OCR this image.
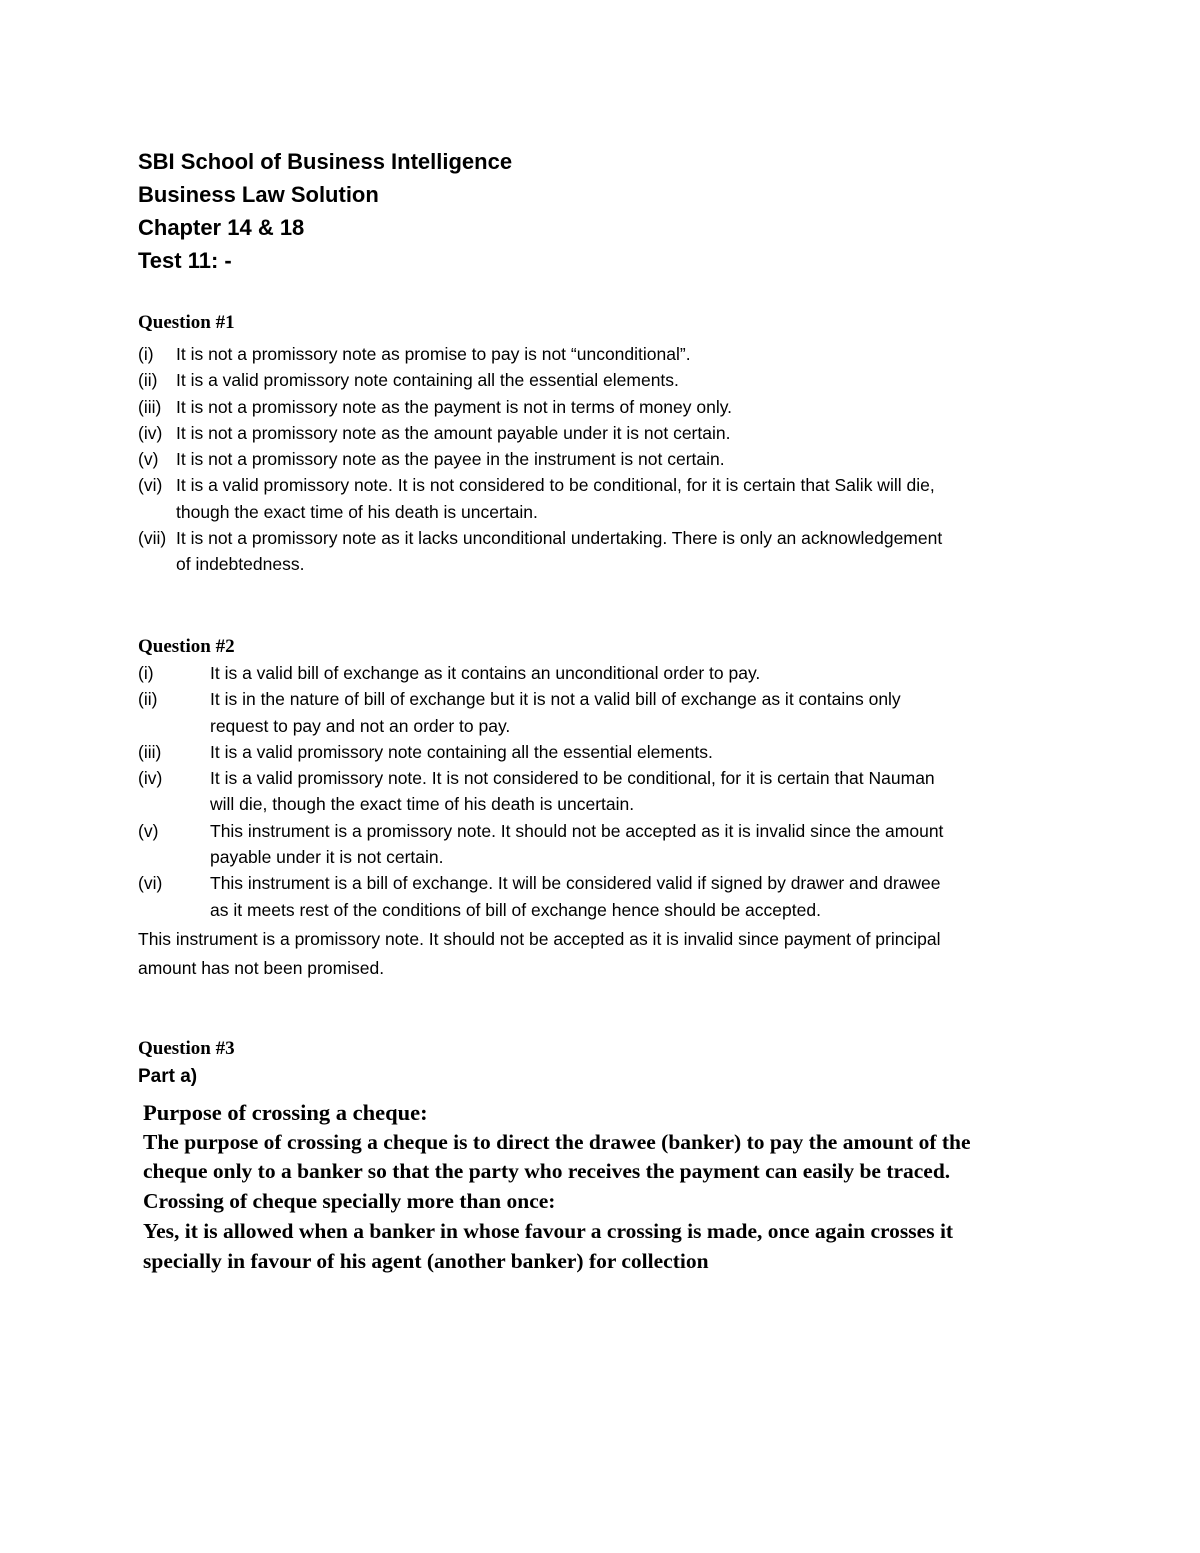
SBI School of Business Intelligence
Business Law Solution
Chapter 14 & 18
Test 11: -
Question #1
(i) It is not a promissory note as promise to pay is not “unconditional”.
(ii) It is a valid promissory note containing all the essential elements.
(iii) It is not a promissory note as the payment is not in terms of money only.
(iv) It is not a promissory note as the amount payable under it is not certain.
(v) It is not a promissory note as the payee in the instrument is not certain.
(vi) It is a valid promissory note. It is not considered to be conditional, for it is certain that Salik will die,
though the exact time of his death is uncertain.
(vii) It is not a promissory note as it lacks unconditional undertaking. There is only an acknowledgement
of indebtedness.
Question #2
(i)	It is a valid bill of exchange as it contains an unconditional order to pay.
(ii)	It is in the nature of bill of exchange but it is not a valid bill of exchange as it contains only
request to pay and not an order to pay.
(iii)	It is a valid promissory note containing all the essential elements.
(iv)	It is a valid promissory note. It is not considered to be conditional, for it is certain that Nauman
will die, though the exact time of his death is uncertain.
(v)	This instrument is a promissory note. It should not be accepted as it is invalid since the amount
payable under it is not certain.
(vi)	This instrument is a bill of exchange. It will be considered valid if signed by drawer and drawee
as it meets rest of the conditions of bill of exchange hence should be accepted.
This instrument is a promissory note. It should not be accepted as it is invalid since payment of principal
amount has not been promised.
Question #3
Part a)
Purpose of crossing a cheque:
The purpose of crossing a cheque is to direct the drawee (banker) to pay the amount of the
cheque only to a banker so that the party who receives the payment can easily be traced.
Crossing of cheque specially more than once:
Yes, it is allowed when a banker in whose favour a crossing is made, once again crosses it
specially in favour of his agent (another banker) for collection
